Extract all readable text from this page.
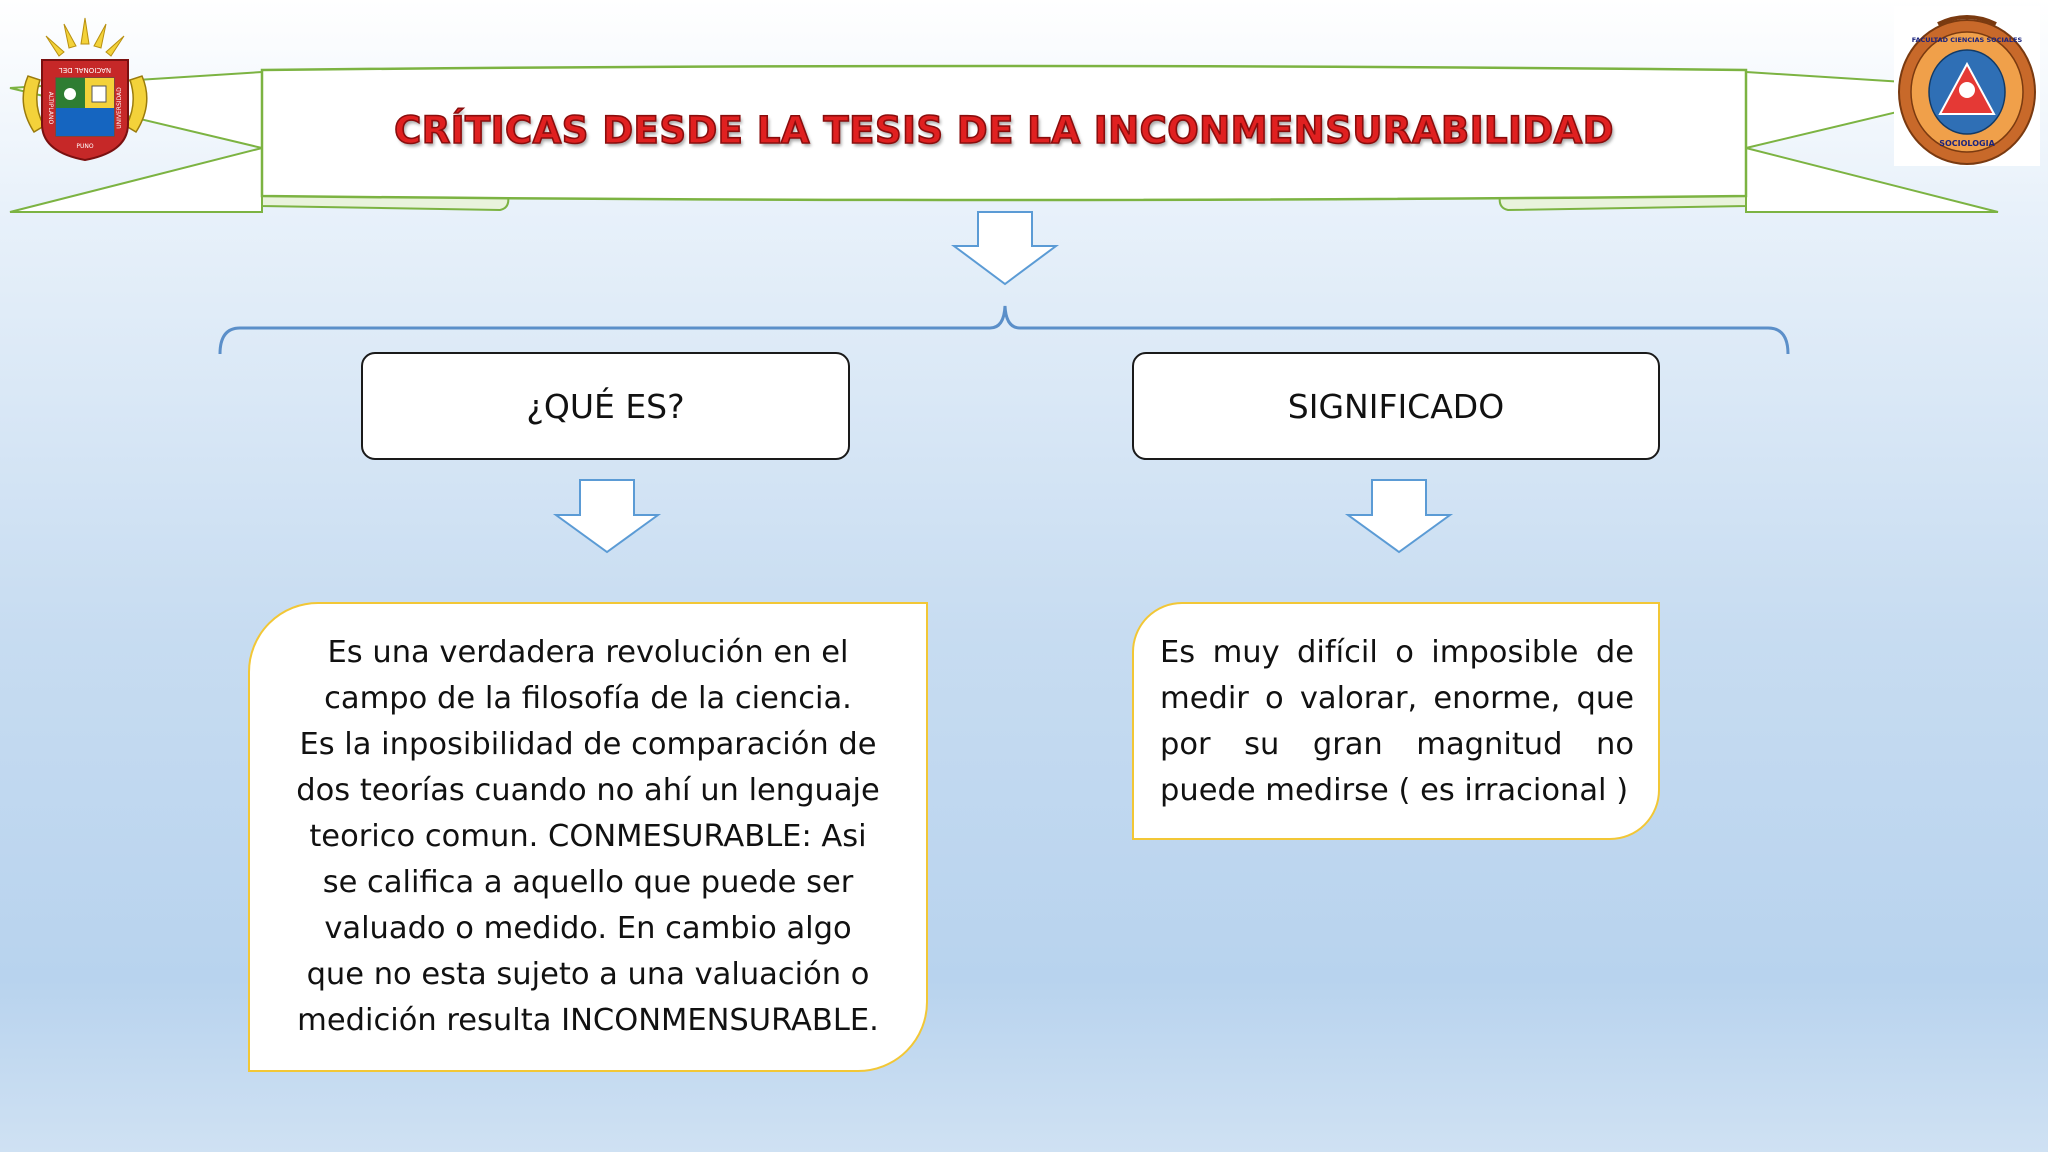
CRÍTICAS DESDE LA TESIS DE LA INCONMENSURABILIDAD
NACIONAL DEL
ALTIPLANO	UNIVERSIDAD
PUNO
FACULTAD CIENCIAS SOCIALES
SOCIOLOGIA
¿QUÉ ES?	SIGNIFICADO
Es una verdadera revolución en el
campo de la filosofía de la ciencia.
Es la inposibilidad de comparación de
dos teorías cuando no ahí un lenguaje
teorico comun. CONMESURABLE: Asi
se califica a aquello que puede ser
valuado o medido. En cambio algo
que no esta sujeto a una valuación o
medición resulta INCONMENSURABLE.
Es muy difícil o imposible de
medir o valorar, enorme, que
por su gran magnitud no
puede medirse ( es irracional )
